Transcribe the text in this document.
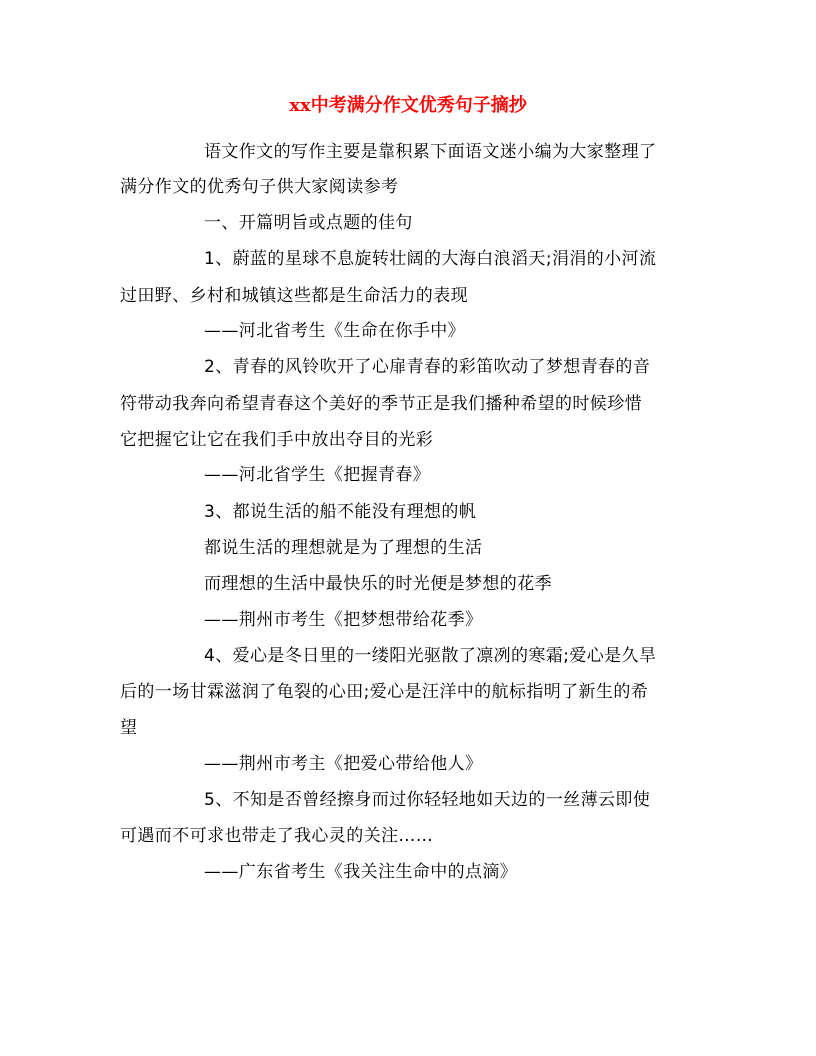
xx中考满分作文优秀句子摘抄
语文作文的写作主要是靠积累下面语文迷小编为大家整理了
满分作文的优秀句子供大家阅读参考
一、开篇明旨或点题的佳句
1、蔚蓝的星球不息旋转壮阔的大海白浪滔天;涓涓的小河流
过田野、乡村和城镇这些都是生命活力的表现
——河北省考生《生命在你手中》
2、青春的风铃吹开了心扉青春的彩笛吹动了梦想青春的音
符带动我奔向希望青春这个美好的季节正是我们播种希望的时候珍惜
它把握它让它在我们手中放出夺目的光彩
——河北省学生《把握青春》
3、都说生活的船不能没有理想的帆
都说生活的理想就是为了理想的生活
而理想的生活中最快乐的时光便是梦想的花季
——荆州市考生《把梦想带给花季》
4、爱心是冬日里的一缕阳光驱散了凛冽的寒霜;爱心是久旱
后的一场甘霖滋润了龟裂的心田;爱心是汪洋中的航标指明了新生的希
望
——荆州市考主《把爱心带给他人》
5、不知是否曾经擦身而过你轻轻地如天边的一丝薄云即使
可遇而不可求也带走了我心灵的关注……
——广东省考生《我关注生命中的点滴》
